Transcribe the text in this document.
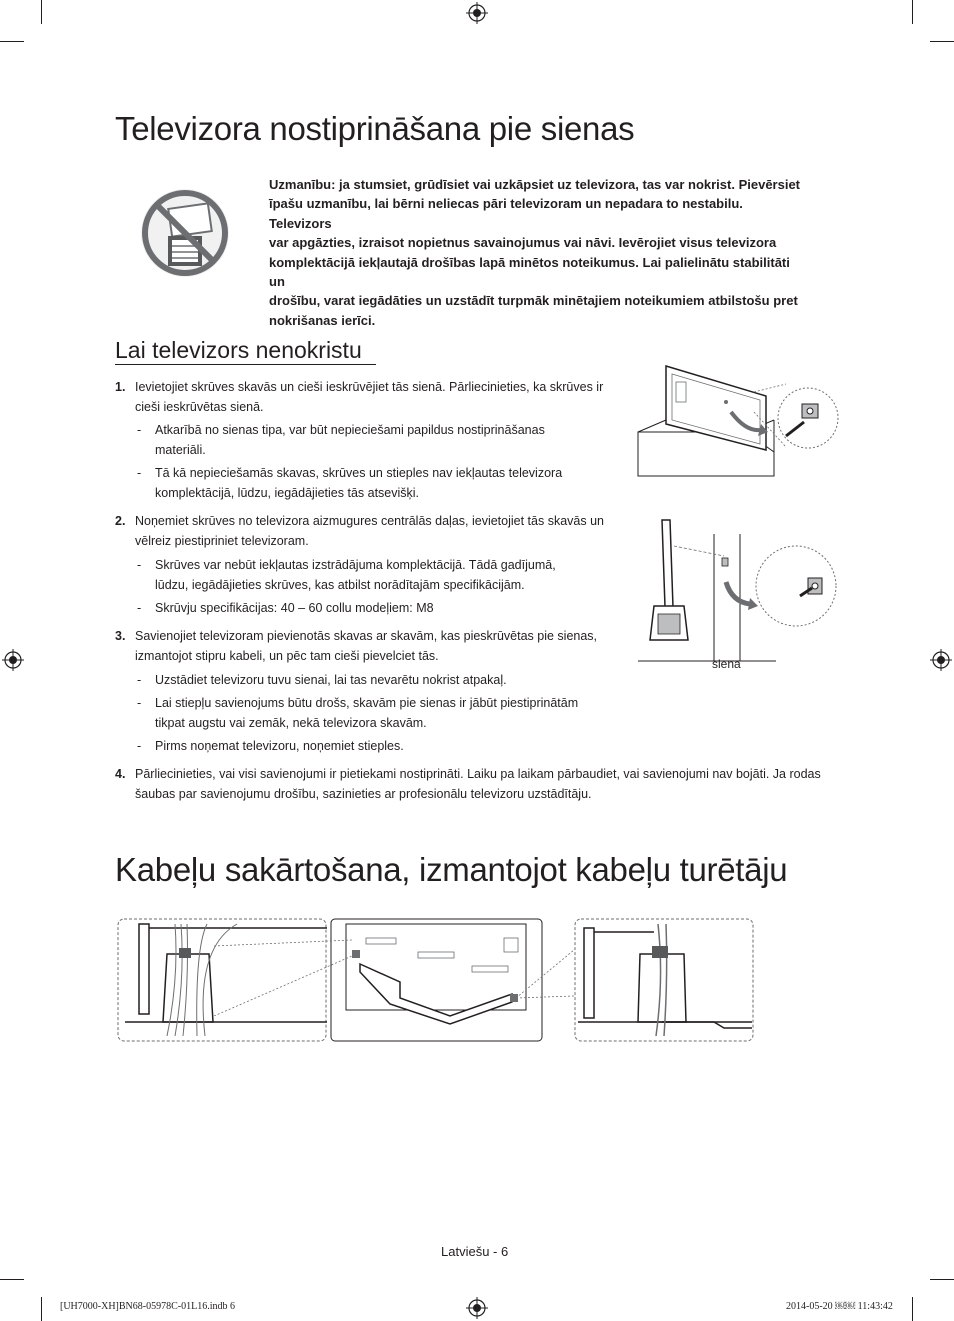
Televizora nostiprināšana pie sienas
Uzmanību: ja stumsiet, grūdīsiet vai uzkāpsiet uz televizora, tas var nokrist. Pievērsiet
īpašu uzmanību, lai bērni neliecas pāri televizoram un nepadara to nestabilu. Televizors
var apgāzties, izraisot nopietnus savainojumus vai nāvi. Ievērojiet visus televizora
komplektācijā iekļautajā drošības lapā minētos noteikumus. Lai palielinātu stabilitāti un
drošību, varat iegādāties un uzstādīt turpmāk minētajiem noteikumiem atbilstošu pret
nokrišanas ierīci.
Lai televizors nenokristu
1. Ievietojiet skrūves skavās un cieši ieskrūvējiet tās sienā. Pārliecinieties, ka skrūves ir
cieši ieskrūvētas sienā.
- Atkarībā no sienas tipa, var būt nepieciešami papildus nostiprināšanas
materiāli.
- Tā kā nepieciešamās skavas, skrūves un stieples nav iekļautas televizora
komplektācijā, lūdzu, iegādājieties tās atsevišķi.
2. Noņemiet skrūves no televizora aizmugures centrālās daļas, ievietojiet tās skavās un
vēlreiz piestipriniet televizoram.
- Skrūves var nebūt iekļautas izstrādājuma komplektācijā. Tādā gadījumā,
lūdzu, iegādājieties skrūves, kas atbilst norādītajām specifikācijām.
- Skrūvju specifikācijas: 40 – 60 collu modeļiem: M8
3. Savienojiet televizoram pievienotās skavas ar skavām, kas pieskrūvētas pie sienas,
izmantojot stipru kabeli, un pēc tam cieši pievelciet tās.
- Uzstādiet televizoru tuvu sienai, lai tas nevarētu nokrist atpakaļ.
- Lai stiepļu savienojums būtu drošs, skavām pie sienas ir jābūt piestiprinātām
tikpat augstu vai zemāk, nekā televizora skavām.
- Pirms noņemat televizoru, noņemiet stieples.
4. Pārliecinieties, vai visi savienojumi ir pietiekami nostiprināti. Laiku pa laikam pārbaudiet, vai savienojumi nav bojāti. Ja rodas
šaubas par savienojumu drošību, sazinieties ar profesionālu televizoru uzstādītāju.
siena
Kabeļu sakārtošana, izmantojot kabeļu turētāju
Latviešu - 6
[UH7000-XH]BN68-05978C-01L16.indb 6	2014-05-20 ￼￼ 11:43:42
